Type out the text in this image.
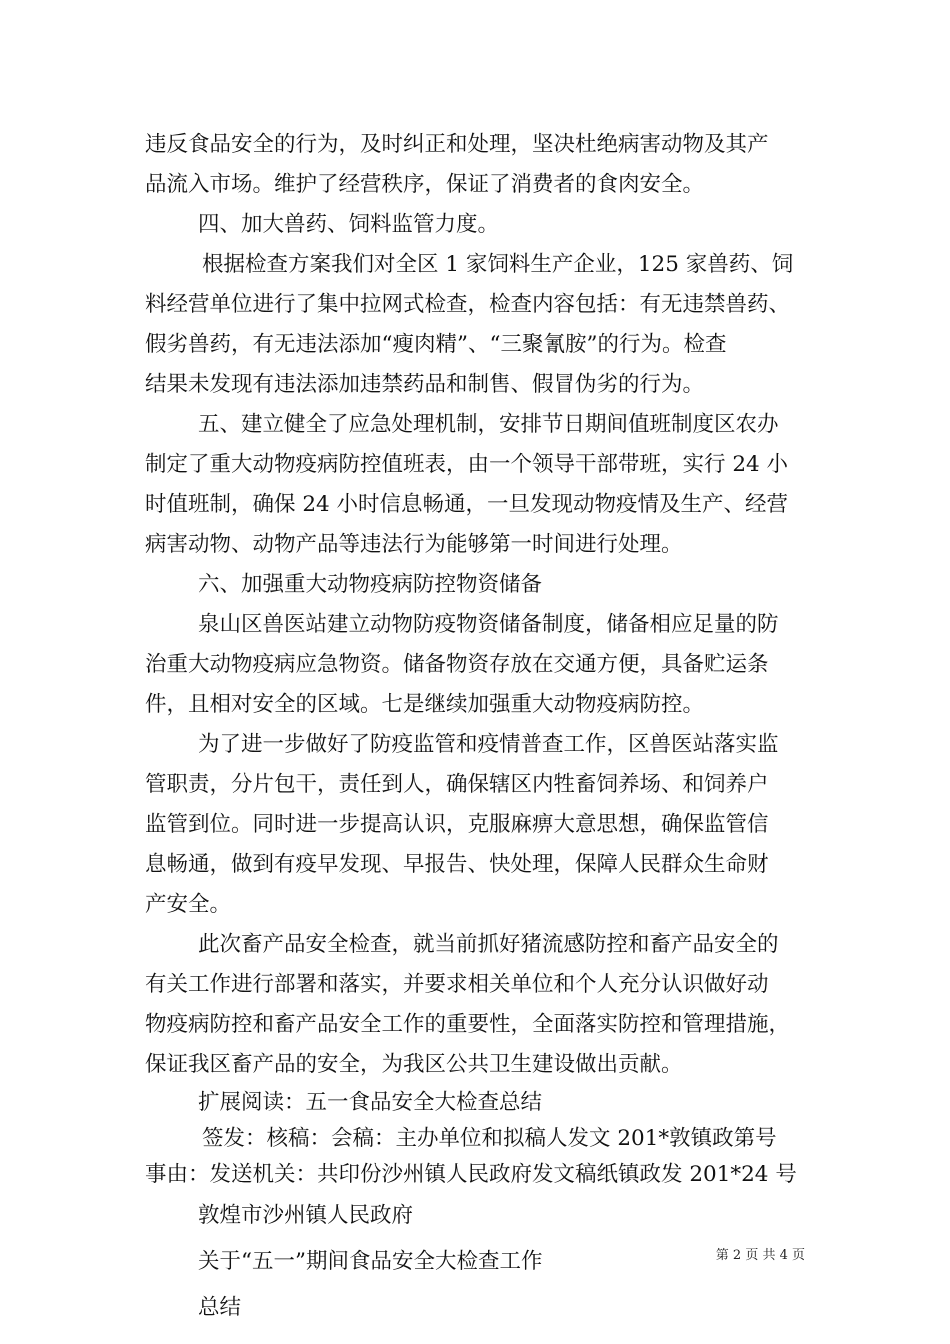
违反食品安全的行为，及时纠正和处理，坚决杜绝病害动物及其产
品流入市场。维护了经营秩序，保证了消费者的食肉安全。
四、加大兽药、饲料监管力度。
根据检查方案我们对全区 1 家饲料生产企业，125 家兽药、饲
料经营单位进行了集中拉网式检查，检查内容包括：有无违禁兽药、
假劣兽药，有无违法添加“瘦肉精”、“三聚氰胺”的行为。检查
结果未发现有违法添加违禁药品和制售、假冒伪劣的行为。
五、建立健全了应急处理机制，安排节日期间值班制度区农办
制定了重大动物疫病防控值班表，由一个领导干部带班，实行 24 小
时值班制，确保 24 小时信息畅通，一旦发现动物疫情及生产、经营
病害动物、动物产品等违法行为能够第一时间进行处理。
六、加强重大动物疫病防控物资储备
泉山区兽医站建立动物防疫物资储备制度，储备相应足量的防
治重大动物疫病应急物资。储备物资存放在交通方便，具备贮运条
件，且相对安全的区域。七是继续加强重大动物疫病防控。
为了进一步做好了防疫监管和疫情普查工作，区兽医站落实监
管职责，分片包干，责任到人，确保辖区内牲畜饲养场、和饲养户
监管到位。同时进一步提高认识，克服麻痹大意思想，确保监管信
息畅通，做到有疫早发现、早报告、快处理，保障人民群众生命财
产安全。
此次畜产品安全检查，就当前抓好猪流感防控和畜产品安全的
有关工作进行部署和落实，并要求相关单位和个人充分认识做好动
物疫病防控和畜产品安全工作的重要性，全面落实防控和管理措施，
保证我区畜产品的安全，为我区公共卫生建设做出贡献。
扩展阅读：五一食品安全大检查总结
签发：核稿：会稿：主办单位和拟稿人发文 201*敦镇政第号
事由：发送机关：共印份沙州镇人民政府发文稿纸镇政发 201*24 号
敦煌市沙州镇人民政府
关于“五一”期间食品安全大检查工作
总结
第 2 页 共 4 页
